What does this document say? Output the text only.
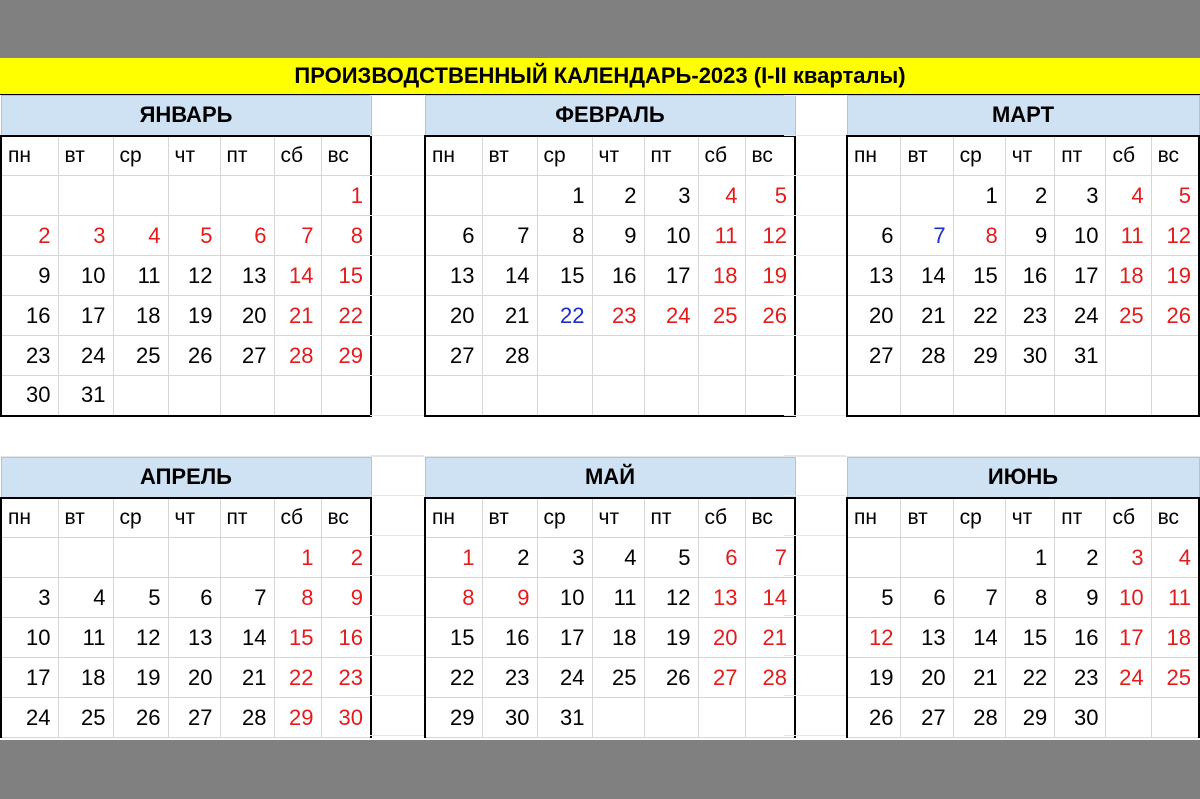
ПРОИЗВОДСТВЕННЫЙ КАЛЕНДАРЬ-2023 (I-II кварталы)
ЯНВАРЬ						
пн	вт	ср	чт	пт	сб	вс
						1
2	3	4	5	6	7	8
9	10	11	12	13	14	15
16	17	18	19	20	21	22
23	24	25	26	27	28	29
30	31					
ФЕВРАЛЬ						
пн	вт	ср	чт	пт	сб	вс
		1	2	3	4	5
6	7	8	9	10	11	12
13	14	15	16	17	18	19
20	21	22	23	24	25	26
27	28					

МАРТ						
пн	вт	ср	чт	пт	сб	вс
		1	2	3	4	5
6	7	8	9	10	11	12
13	14	15	16	17	18	19
20	21	22	23	24	25	26
27	28	29	30	31		

АПРЕЛЬ						
пн	вт	ср	чт	пт	сб	вс
					1	2
3	4	5	6	7	8	9
10	11	12	13	14	15	16
17	18	19	20	21	22	23
24	25	26	27	28	29	30
МАЙ						
пн	вт	ср	чт	пт	сб	вс
1	2	3	4	5	6	7
8	9	10	11	12	13	14
15	16	17	18	19	20	21
22	23	24	25	26	27	28
29	30	31				
ИЮНЬ						
пн	вт	ср	чт	пт	сб	вс
			1	2	3	4
5	6	7	8	9	10	11
12	13	14	15	16	17	18
19	20	21	22	23	24	25
26	27	28	29	30		
